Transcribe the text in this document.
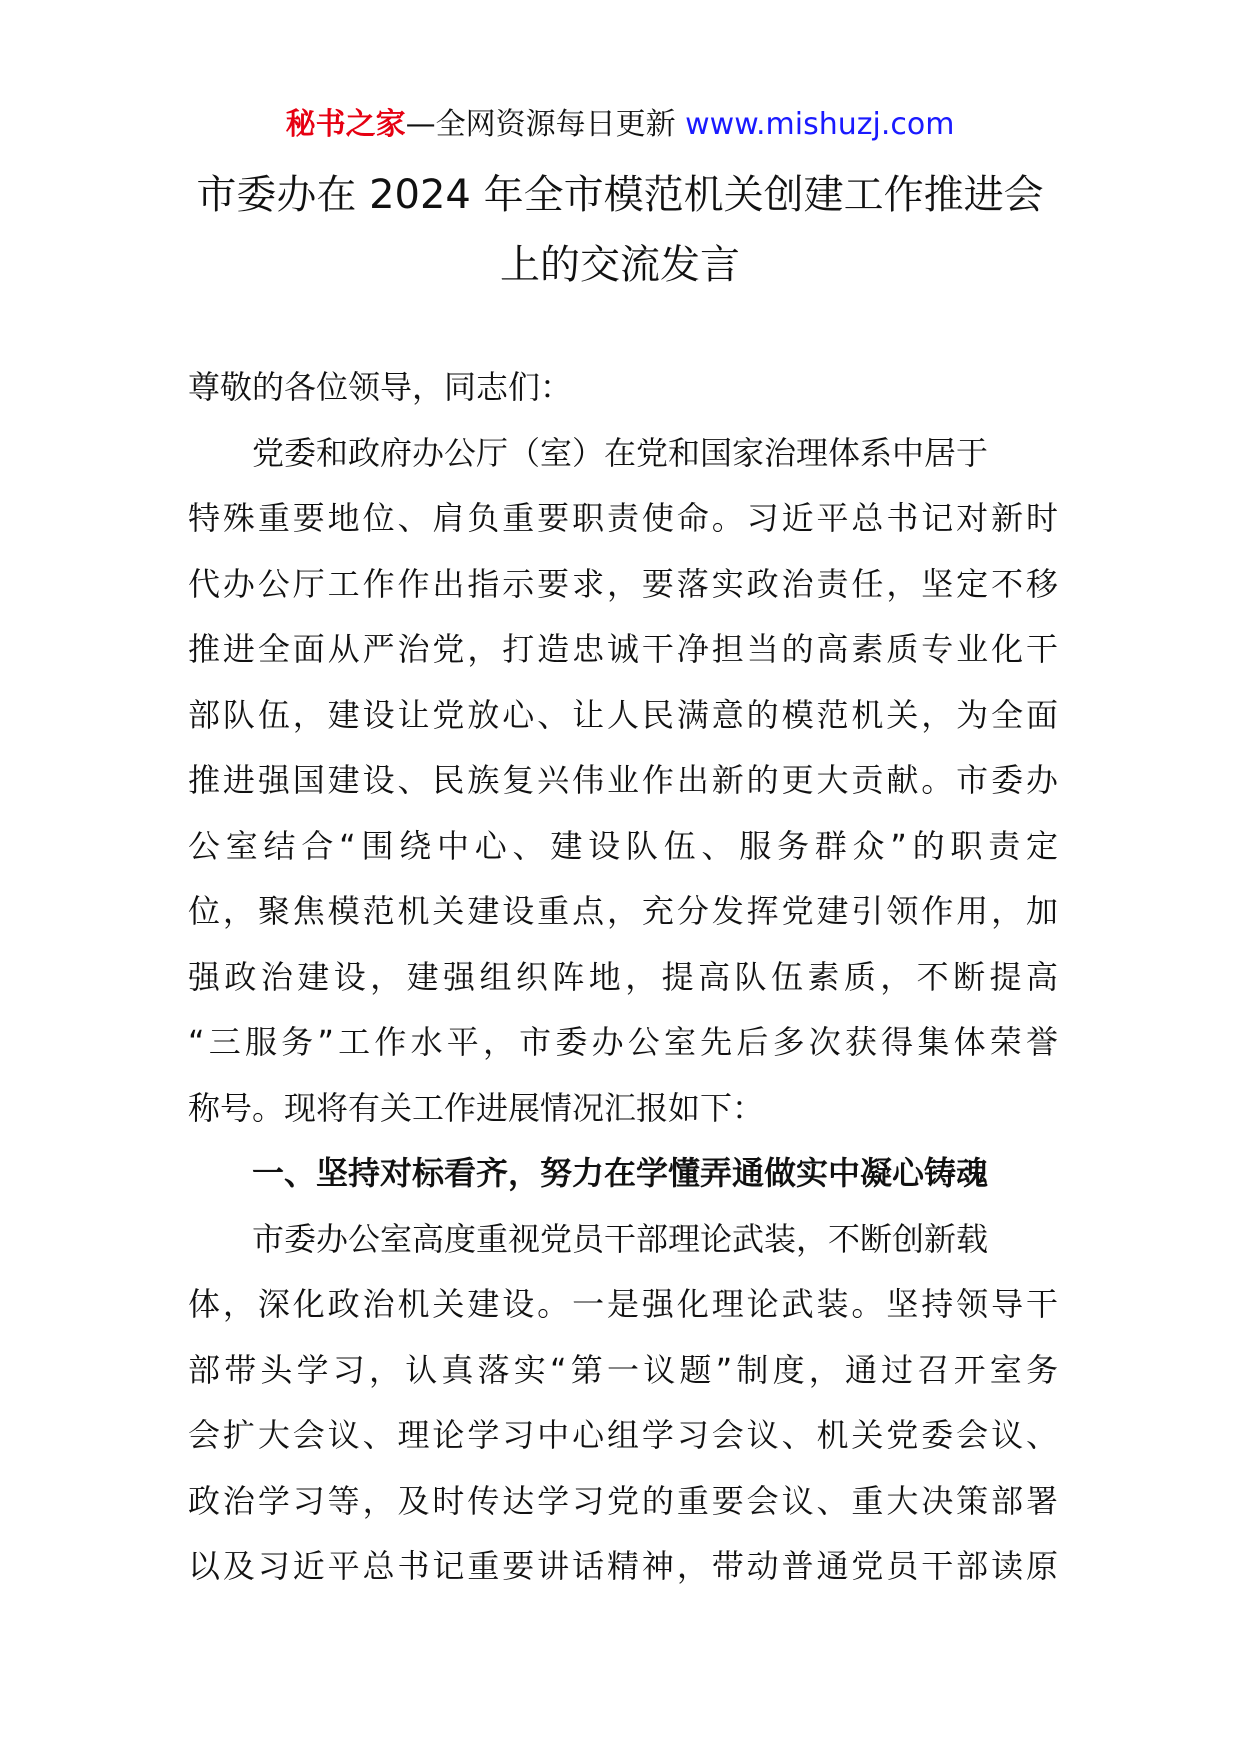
秘书之家—全网资源每日更新 www.mishuzj.com
市委办在 2024 年全市模范机关创建工作推进会
上的交流发言
尊敬的各位领导，同志们：
党委和政府办公厅（室）在党和国家治理体系中居于
特殊重要地位、肩负重要职责使命。习近平总书记对新时
代办公厅工作作出指示要求，要落实政治责任，坚定不移
推进全面从严治党，打造忠诚干净担当的高素质专业化干
部队伍，建设让党放心、让人民满意的模范机关，为全面
推进强国建设、民族复兴伟业作出新的更大贡献。市委办
公室结合“围绕中心、建设队伍、服务群众”的职责定
位，聚焦模范机关建设重点，充分发挥党建引领作用，加
强政治建设，建强组织阵地，提高队伍素质，不断提高
“三服务”工作水平，市委办公室先后多次获得集体荣誉
称号。现将有关工作进展情况汇报如下：
一、坚持对标看齐，努力在学懂弄通做实中凝心铸魂
市委办公室高度重视党员干部理论武装，不断创新载
体，深化政治机关建设。一是强化理论武装。坚持领导干
部带头学习，认真落实“第一议题”制度，通过召开室务
会扩大会议、理论学习中心组学习会议、机关党委会议、
政治学习等，及时传达学习党的重要会议、重大决策部署
以及习近平总书记重要讲话精神，带动普通党员干部读原
